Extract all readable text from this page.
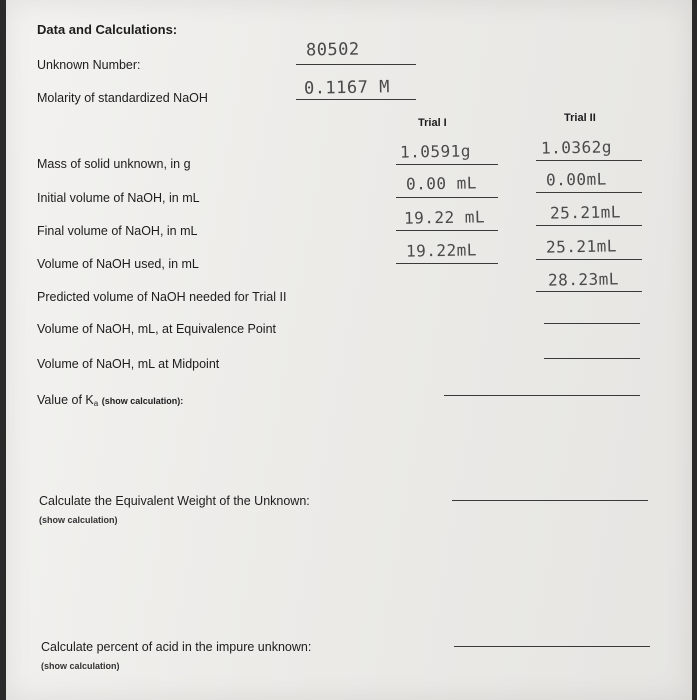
Data and Calculations:
Unknown Number:
80502
Molarity of standardized NaOH	0.1167 M
Trial I	Trial II
Mass of solid unknown, in g
1.0591g	1.0362g
Initial volume of NaOH, in mL
0.00 mL	0.00mL
Final volume of NaOH, in mL
19.22 mL	25.21mL
Volume of NaOH used, in mL
19.22mL	25.21mL
Predicted volume of NaOH needed for Trial II
28.23mL
Volume of NaOH, mL, at Equivalence Point
Volume of NaOH, mL at Midpoint
Value of Ka (show calculation):
Calculate the Equivalent Weight of the Unknown:
(show calculation)
Calculate percent of acid in the impure unknown:
(show calculation)
